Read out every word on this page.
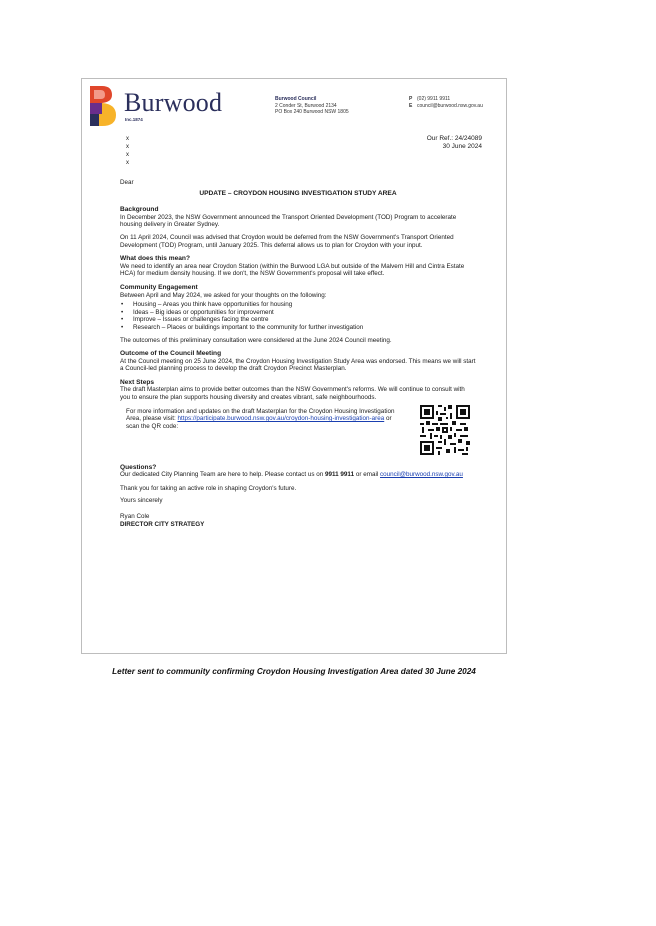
Burwood
Inc.1874
Burwood Council
2 Conder St, Burwood 2134
PO Box 240 Burwood NSW 1805
P (02) 9911 9911
E council@burwood.nsw.gov.au
x
x
x
x
Our Ref.: 24/24089
30 June 2024

Dear

UPDATE – CROYDON HOUSING INVESTIGATION STUDY AREA

Background

In December 2023, the NSW Government announced the Transport Oriented Development (TOD) Program to accelerate housing delivery in Greater Sydney.

On 11 April 2024, Council was advised that Croydon would be deferred from the NSW Government's Transport Oriented Development (TOD) Program, until January 2025. This deferral allows us to plan for Croydon with your input.

What does this mean?

We need to identify an area near Croydon Station (within the Burwood LGA but outside of the Malvern Hill and Cintra Estate HCA) for medium density housing. If we don't, the NSW Government's proposal will take effect.

Community Engagement

Between April and May 2024, we asked for your thoughts on the following:

• Housing – Areas you think have opportunities for housing
• Ideas – Big ideas or opportunities for improvement
• Improve – Issues or challenges facing the centre
• Research – Places or buildings important to the community for further investigation

The outcomes of this preliminary consultation were considered at the June 2024 Council meeting.

Outcome of the Council Meeting

At the Council meeting on 25 June 2024, the Croydon Housing Investigation Study Area was endorsed. This means we will start a Council-led planning process to develop the draft Croydon Precinct Masterplan.

Next Steps

The draft Masterplan aims to provide better outcomes than the NSW Government's reforms. We will continue to consult with you to ensure the plan supports housing diversity and creates vibrant, safe neighbourhoods.

For more information and updates on the draft Masterplan for the Croydon Housing Investigation Area, please visit: https://participate.burwood.nsw.gov.au/croydon-housing-investigation-area or scan the QR code:

Questions?

Our dedicated City Planning Team are here to help. Please contact us on 9911 9911 or email council@burwood.nsw.gov.au

Thank you for taking an active role in shaping Croydon's future.

Yours sincerely

Ryan Cole

DIRECTOR CITY STRATEGY

Letter sent to community confirming Croydon Housing Investigation Area dated 30 June 2024
